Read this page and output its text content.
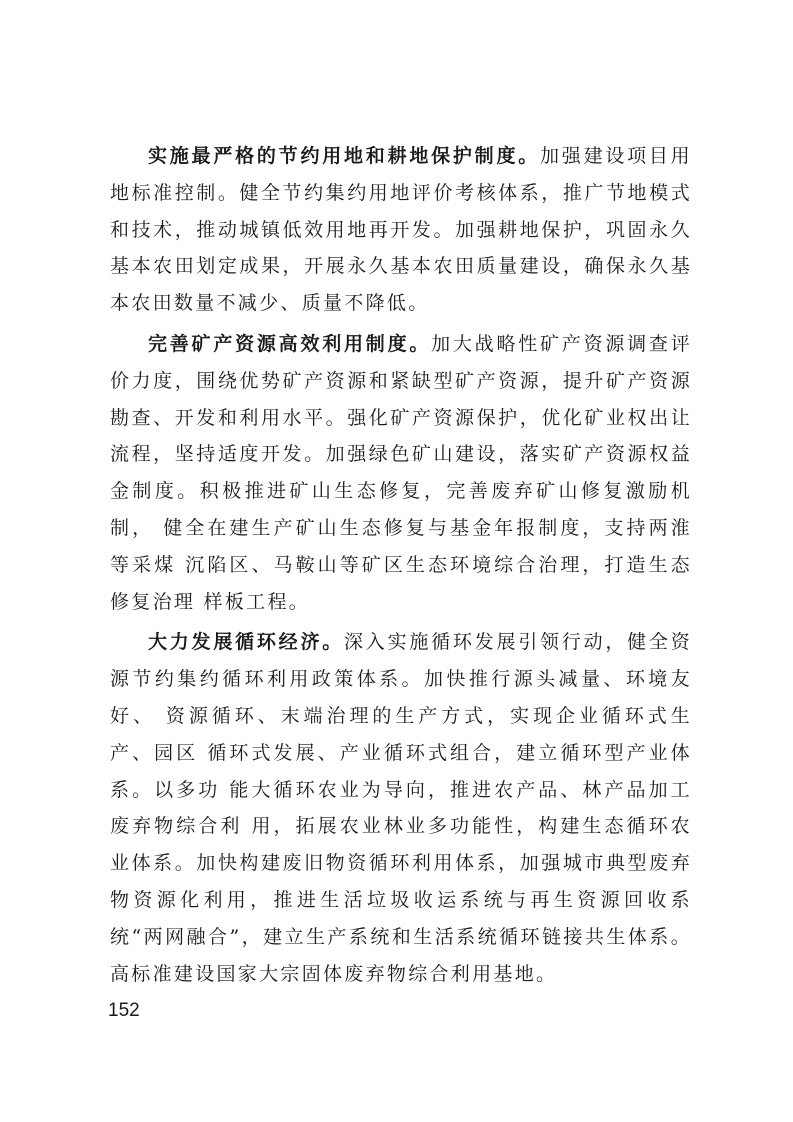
实施最严格的节约用地和耕地保护制度。加强建设项目用地标准控制。健全节约集约用地评价考核体系，推广节地模式 和技术，推动城镇低效用地再开发。加强耕地保护，巩固永久 基本农田划定成果，开展永久基本农田质量建设，确保永久基 本农田数量不减少、质量不降低。

完善矿产资源高效利用制度。加大战略性矿产资源调查评价力度，围绕优势矿产资源和紧缺型矿产资源，提升矿产资源勘查、开发和利用水平。强化矿产资源保护，优化矿业权出让流程，坚持适度开发。加强绿色矿山建设，落实矿产资源权益金制度。积极推进矿山生态修复，完善废弃矿山修复激励机制， 健全在建生产矿山生态修复与基金年报制度，支持两淮等采煤 沉陷区、马鞍山等矿区生态环境综合治理，打造生态修复治理 样板工程。

大力发展循环经济。深入实施循环发展引领行动，健全资源节约集约循环利用政策体系。加快推行源头减量、环境友好、 资源循环、末端治理的生产方式，实现企业循环式生产、园区 循环式发展、产业循环式组合，建立循环型产业体系。以多功 能大循环农业为导向，推进农产品、林产品加工废弃物综合利 用，拓展农业林业多功能性，构建生态循环农业体系。加快构建废旧物资循环利用体系，加强城市典型废弃物资源化利用，推进生活垃圾收运系统与再生资源回收系统“两网融合”，建立生产系统和生活系统循环链接共生体系。高标准建设国家大宗固体废弃物综合利用基地。

152
